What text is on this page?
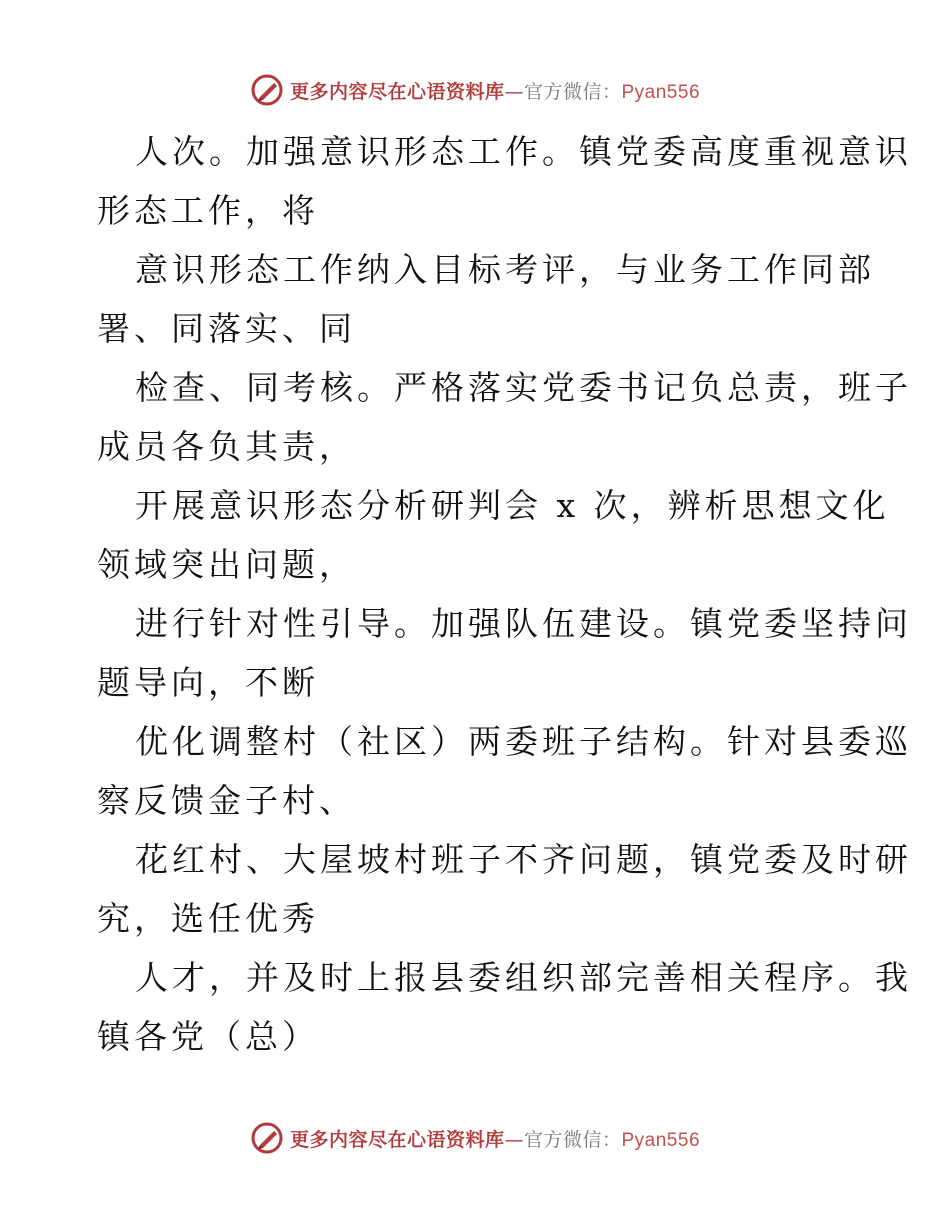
更多内容尽在心语资料库—官方微信：Pyan556
人次。加强意识形态工作。镇党委高度重视意识
形态工作，将
意识形态工作纳入目标考评，与业务工作同部
署、同落实、同
检查、同考核。严格落实党委书记负总责，班子
成员各负其责，
开展意识形态分析研判会 x 次，辨析思想文化
领域突出问题，
进行针对性引导。加强队伍建设。镇党委坚持问
题导向，不断
优化调整村（社区）两委班子结构。针对县委巡
察反馈金子村、
花红村、大屋坡村班子不齐问题，镇党委及时研
究，选任优秀
人才，并及时上报县委组织部完善相关程序。我
镇各党（总）
更多内容尽在心语资料库—官方微信：Pyan556
